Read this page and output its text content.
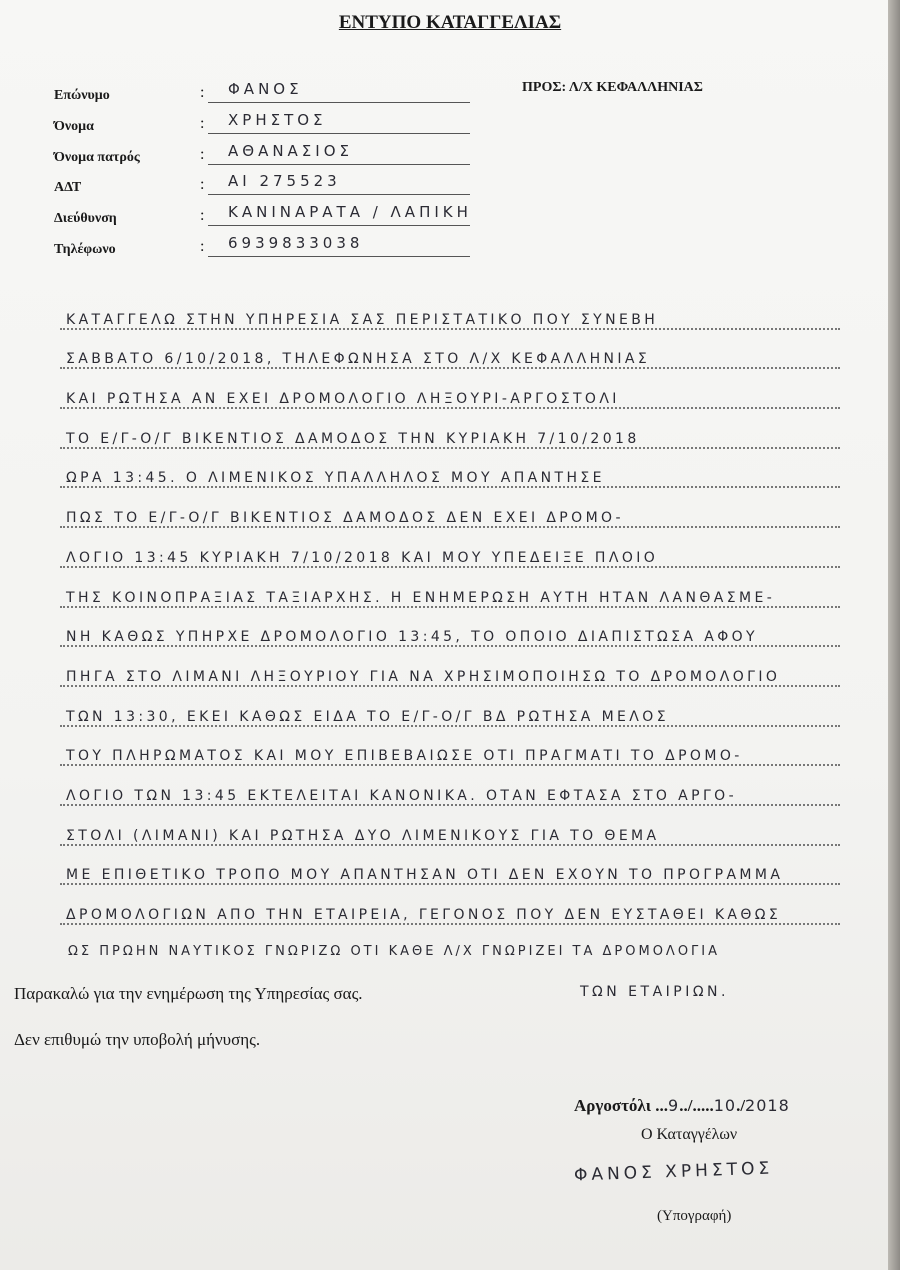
ΕΝΤΥΠΟ ΚΑΤΑΓΓΕΛΙΑΣ
ΠΡΟΣ: Λ/Χ ΚΕΦΑΛΛΗΝΙΑΣ
Επώνυμο	: ΦΑΝΟΣ
Όνομα	: ΧΡΗΣΤΟΣ
Όνομα πατρός	: ΑΘΑΝΑΣΙΟΣ
ΑΔΤ	: ΑΙ 275523
Διεύθυνση	: ΚΑΝΙΝΑΡΑΤΑ / ΛΑΠΙΚΗ
Τηλέφωνο	: 6939833038
ΚΑΤΑΓΓΕΛΩ ΣΤΗΝ ΥΠΗΡΕΣΙΑ ΣΑΣ ΠΕΡΙΣΤΑΤΙΚΟ ΠΟΥ ΣΥΝΕΒΗ
ΣΑΒΒΑΤΟ 6/10/2018, ΤΗΛΕΦΩΝΗΣΑ ΣΤΟ Λ/Χ ΚΕΦΑΛΛΗΝΙΑΣ
ΚΑΙ ΡΩΤΗΣΑ ΑΝ ΕΧΕΙ ΔΡΟΜΟΛΟΓΙΟ ΛΗΞΟΥΡΙ-ΑΡΓΟΣΤΟΛΙ
ΤΟ Ε/Γ-Ο/Γ ΒΙΚΕΝΤΙΟΣ ΔΑΜΟΔΟΣ ΤΗΝ ΚΥΡΙΑΚΗ 7/10/2018
ΩΡΑ 13:45. Ο ΛΙΜΕΝΙΚΟΣ ΥΠΑΛΛΗΛΟΣ ΜΟΥ ΑΠΑΝΤΗΣΕ
ΠΩΣ ΤΟ Ε/Γ-Ο/Γ ΒΙΚΕΝΤΙΟΣ ΔΑΜΟΔΟΣ ΔΕΝ ΕΧΕΙ ΔΡΟΜΟ-
ΛΟΓΙΟ 13:45 ΚΥΡΙΑΚΗ 7/10/2018 ΚΑΙ ΜΟΥ ΥΠΕΔΕΙΞΕ ΠΛΟΙΟ
ΤΗΣ ΚΟΙΝΟΠΡΑΞΙΑΣ ΤΑΞΙΑΡΧΗΣ. Η ΕΝΗΜΕΡΩΣΗ ΑΥΤΗ ΗΤΑΝ ΛΑΝΘΑΣΜΕ-
ΝΗ ΚΑΘΩΣ ΥΠΗΡΧΕ ΔΡΟΜΟΛΟΓΙΟ 13:45, ΤΟ ΟΠΟΙΟ ΔΙΑΠΙΣΤΩΣΑ ΑΦΟΥ
ΠΗΓΑ ΣΤΟ ΛΙΜΑΝΙ ΛΗΞΟΥΡΙΟΥ ΓΙΑ ΝΑ ΧΡΗΣΙΜΟΠΟΙΗΣΩ ΤΟ ΔΡΟΜΟΛΟΓΙΟ
ΤΩΝ 13:30, ΕΚΕΙ ΚΑΘΩΣ ΕΙΔΑ ΤΟ Ε/Γ-Ο/Γ ΒΔ ΡΩΤΗΣΑ ΜΕΛΟΣ
ΤΟΥ ΠΛΗΡΩΜΑΤΟΣ ΚΑΙ ΜΟΥ ΕΠΙΒΕΒΑΙΩΣΕ ΟΤΙ ΠΡΑΓΜΑΤΙ ΤΟ ΔΡΟΜΟ-
ΛΟΓΙΟ ΤΩΝ 13:45 ΕΚΤΕΛΕΙΤΑΙ ΚΑΝΟΝΙΚΑ. ΟΤΑΝ ΕΦΤΑΣΑ ΣΤΟ ΑΡΓΟ-
ΣΤΟΛΙ (ΛΙΜΑΝΙ) ΚΑΙ ΡΩΤΗΣΑ ΔΥΟ ΛΙΜΕΝΙΚΟΥΣ ΓΙΑ ΤΟ ΘΕΜΑ
ΜΕ ΕΠΙΘΕΤΙΚΟ ΤΡΟΠΟ ΜΟΥ ΑΠΑΝΤΗΣΑΝ ΟΤΙ ΔΕΝ ΕΧΟΥΝ ΤΟ ΠΡΟΓΡΑΜΜΑ
ΔΡΟΜΟΛΟΓΙΩΝ ΑΠΟ ΤΗΝ ΕΤΑΙΡΕΙΑ, ΓΕΓΟΝΟΣ ΠΟΥ ΔΕΝ ΕΥΣΤΑΘΕΙ ΚΑΘΩΣ
ΩΣ ΠΡΩΗΝ ΝΑΥΤΙΚΟΣ ΓΝΩΡΙΖΩ ΟΤΙ ΚΑΘΕ Λ/Χ ΓΝΩΡΙΖΕΙ ΤΑ ΔΡΟΜΟΛΟΓΙΑ
Παρακαλώ για την ενημέρωση της Υπηρεσίας σας.	ΤΩΝ ΕΤΑΙΡΙΩΝ.
Δεν επιθυμώ την υποβολή μήνυσης.
Αργοστόλι ...9../.....10./2018
Ο Καταγγέλων
ΦΑΝΟΣ ΧΡΗΣΤΟΣ
(Υπογραφή)
